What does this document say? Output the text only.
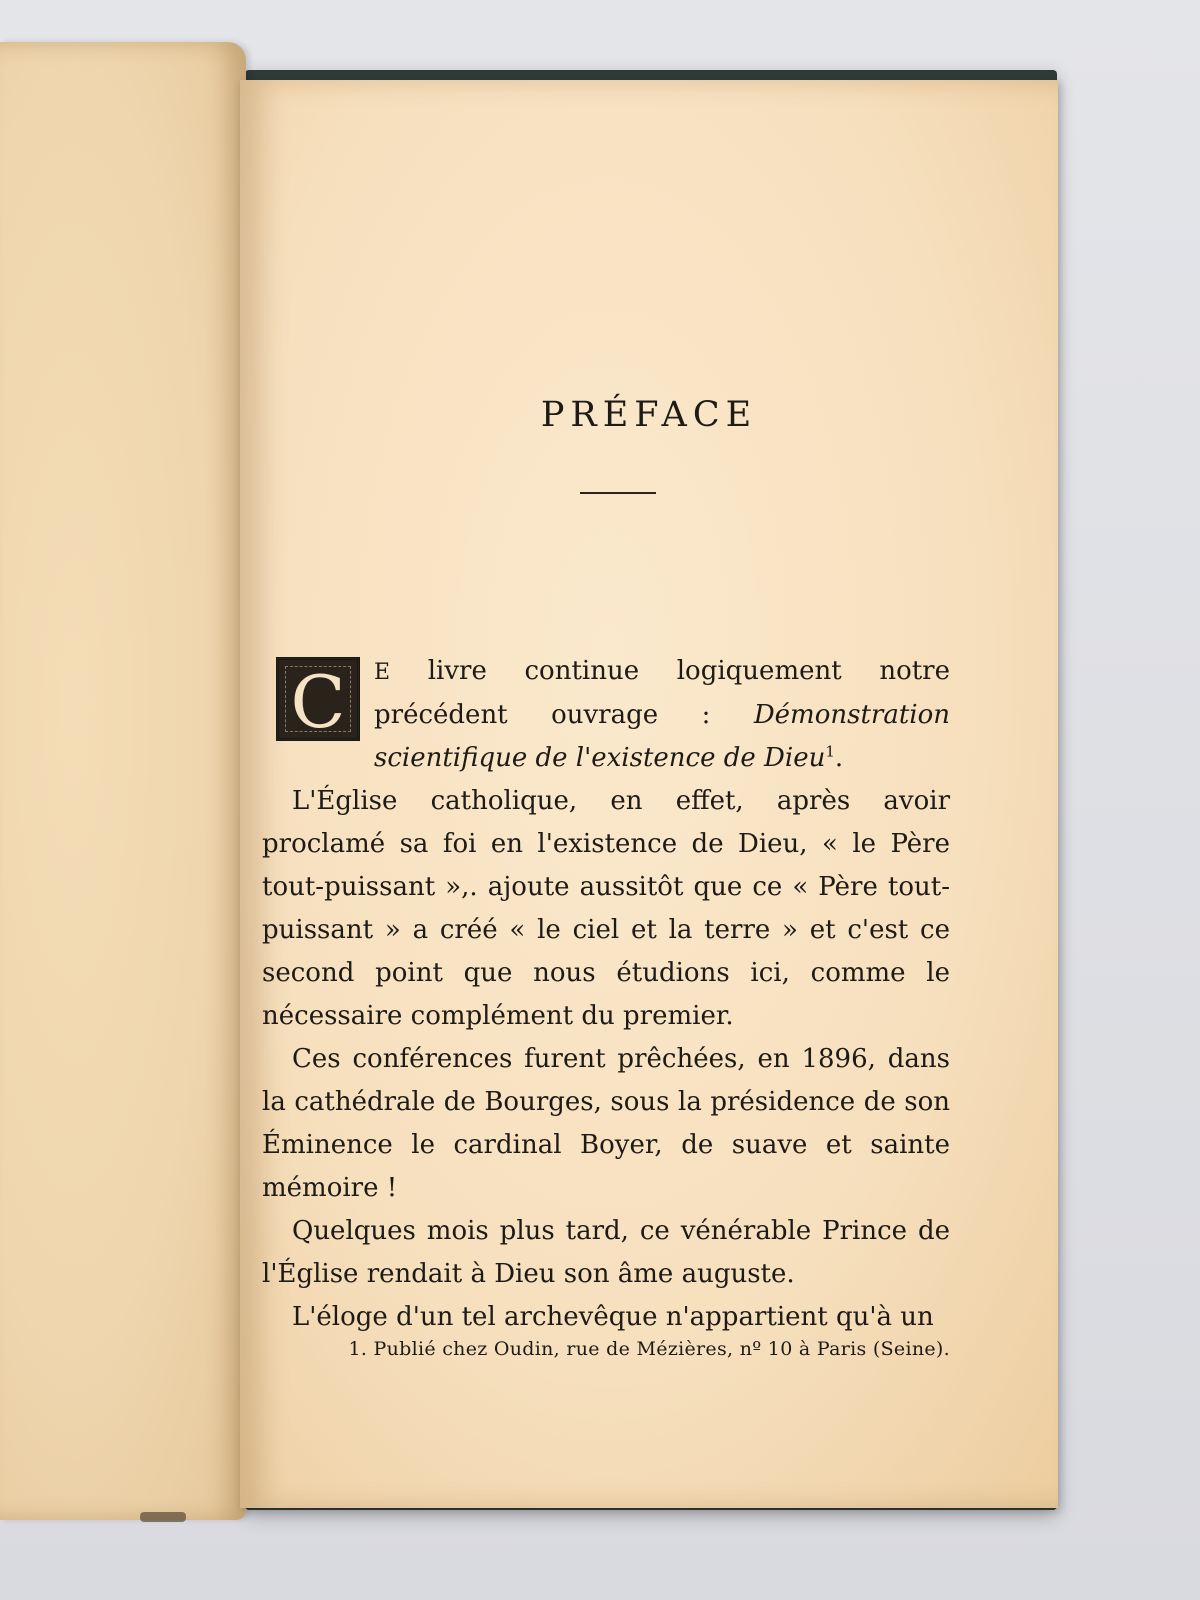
PRÉFACE

C	E livre continue logiquement notre précédent ouvrage : Démonstration scientifique de l'existence de Dieu$^1$.

L'Église catholique, en effet, après avoir proclamé sa foi en l'existence de Dieu, « le Père tout-puissant »,. ajoute aussitôt que ce « Père tout-puissant » a créé « le ciel et la terre » et c'est ce second point que nous étudions ici, comme le nécessaire complément du premier.

Ces conférences furent prêchées, en 1896, dans la cathédrale de Bourges, sous la présidence de son Éminence le cardinal Boyer, de suave et sainte mémoire !

Quelques mois plus tard, ce vénérable Prince de l'Église rendait à Dieu son âme auguste.

L'éloge d'un tel archevêque n'appartient qu'à un

1. Publié chez Oudin, rue de Mézières, nº 10 à Paris (Seine).
